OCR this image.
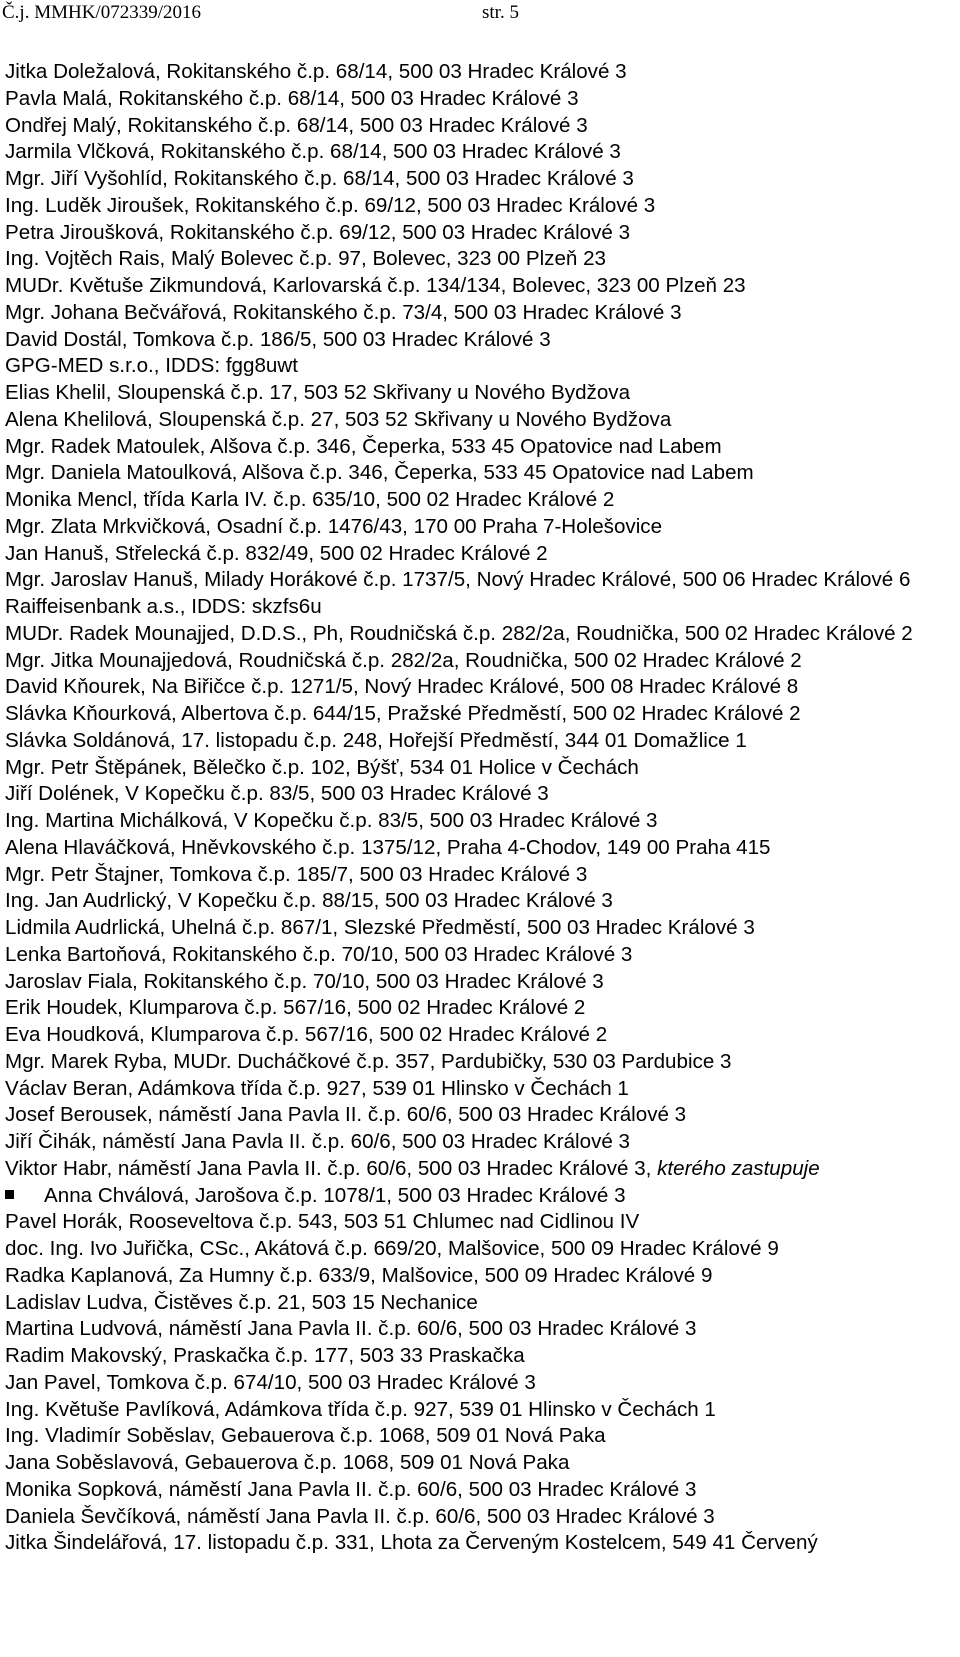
Č.j. MMHK/072339/2016	str. 5
Jitka Doležalová, Rokitanského č.p. 68/14, 500 03 Hradec Králové 3
Pavla Malá, Rokitanského č.p. 68/14, 500 03 Hradec Králové 3
Ondřej Malý, Rokitanského č.p. 68/14, 500 03 Hradec Králové 3
Jarmila Vlčková, Rokitanského č.p. 68/14, 500 03 Hradec Králové 3
Mgr. Jiří Vyšohlíd, Rokitanského č.p. 68/14, 500 03 Hradec Králové 3
Ing. Luděk Jiroušek, Rokitanského č.p. 69/12, 500 03 Hradec Králové 3
Petra Jiroušková, Rokitanského č.p. 69/12, 500 03 Hradec Králové 3
Ing. Vojtěch Rais, Malý Bolevec č.p. 97, Bolevec, 323 00 Plzeň 23
MUDr. Květuše Zikmundová, Karlovarská č.p. 134/134, Bolevec, 323 00 Plzeň 23
Mgr. Johana Bečvářová, Rokitanského č.p. 73/4, 500 03 Hradec Králové 3
David Dostál, Tomkova č.p. 186/5, 500 03 Hradec Králové 3
GPG-MED s.r.o., IDDS: fgg8uwt
Elias Khelil, Sloupenská č.p. 17, 503 52 Skřivany u Nového Bydžova
Alena Khelilová, Sloupenská č.p. 27, 503 52 Skřivany u Nového Bydžova
Mgr. Radek Matoulek, Alšova č.p. 346, Čeperka, 533 45 Opatovice nad Labem
Mgr. Daniela Matoulková, Alšova č.p. 346, Čeperka, 533 45 Opatovice nad Labem
Monika Mencl, třída Karla IV. č.p. 635/10, 500 02 Hradec Králové 2
Mgr. Zlata Mrkvičková, Osadní č.p. 1476/43, 170 00 Praha 7-Holešovice
Jan Hanuš, Střelecká č.p. 832/49, 500 02 Hradec Králové 2
Mgr. Jaroslav Hanuš, Milady Horákové č.p. 1737/5, Nový Hradec Králové, 500 06 Hradec Králové 6
Raiffeisenbank a.s., IDDS: skzfs6u
MUDr. Radek Mounajjed, D.D.S., Ph, Roudničská č.p. 282/2a, Roudnička, 500 02 Hradec Králové 2
Mgr. Jitka Mounajjedová, Roudničská č.p. 282/2a, Roudnička, 500 02 Hradec Králové 2
David Kňourek, Na Biřičce č.p. 1271/5, Nový Hradec Králové, 500 08 Hradec Králové 8
Slávka Kňourková, Albertova č.p. 644/15, Pražské Předměstí, 500 02 Hradec Králové 2
Slávka Soldánová, 17. listopadu č.p. 248, Hořejší Předměstí, 344 01 Domažlice 1
Mgr. Petr Štěpánek, Bělečko č.p. 102, Býšť, 534 01 Holice v Čechách
Jiří Dolének, V Kopečku č.p. 83/5, 500 03 Hradec Králové 3
Ing. Martina Michálková, V Kopečku č.p. 83/5, 500 03 Hradec Králové 3
Alena Hlaváčková, Hněvkovského č.p. 1375/12, Praha 4-Chodov, 149 00 Praha 415
Mgr. Petr Štajner, Tomkova č.p. 185/7, 500 03 Hradec Králové 3
Ing. Jan Audrlický, V Kopečku č.p. 88/15, 500 03 Hradec Králové 3
Lidmila Audrlická, Uhelná č.p. 867/1, Slezské Předměstí, 500 03 Hradec Králové 3
Lenka Bartoňová, Rokitanského č.p. 70/10, 500 03 Hradec Králové 3
Jaroslav Fiala, Rokitanského č.p. 70/10, 500 03 Hradec Králové 3
Erik Houdek, Klumparova č.p. 567/16, 500 02 Hradec Králové 2
Eva Houdková, Klumparova č.p. 567/16, 500 02 Hradec Králové 2
Mgr. Marek Ryba, MUDr. Ducháčkové č.p. 357, Pardubičky, 530 03 Pardubice 3
Václav Beran, Adámkova třída č.p. 927, 539 01 Hlinsko v Čechách 1
Josef Berousek, náměstí Jana Pavla II. č.p. 60/6, 500 03 Hradec Králové 3
Jiří Čihák, náměstí Jana Pavla II. č.p. 60/6, 500 03 Hradec Králové 3
Viktor Habr, náměstí Jana Pavla II. č.p. 60/6, 500 03 Hradec Králové 3, kterého zastupuje
Anna Chválová, Jarošova č.p. 1078/1, 500 03 Hradec Králové 3
Pavel Horák, Rooseveltova č.p. 543, 503 51 Chlumec nad Cidlinou IV
doc. Ing. Ivo Juřička, CSc., Akátová č.p. 669/20, Malšovice, 500 09 Hradec Králové 9
Radka Kaplanová, Za Humny č.p. 633/9, Malšovice, 500 09 Hradec Králové 9
Ladislav Ludva, Čistěves č.p. 21, 503 15 Nechanice
Martina Ludvová, náměstí Jana Pavla II. č.p. 60/6, 500 03 Hradec Králové 3
Radim Makovský, Praskačka č.p. 177, 503 33 Praskačka
Jan Pavel, Tomkova č.p. 674/10, 500 03 Hradec Králové 3
Ing. Květuše Pavlíková, Adámkova třída č.p. 927, 539 01 Hlinsko v Čechách 1
Ing. Vladimír Soběslav, Gebauerova č.p. 1068, 509 01 Nová Paka
Jana Soběslavová, Gebauerova č.p. 1068, 509 01 Nová Paka
Monika Sopková, náměstí Jana Pavla II. č.p. 60/6, 500 03 Hradec Králové 3
Daniela Ševčíková, náměstí Jana Pavla II. č.p. 60/6, 500 03 Hradec Králové 3
Jitka Šindelářová, 17. listopadu č.p. 331, Lhota za Červeným Kostelcem, 549 41 Červený
